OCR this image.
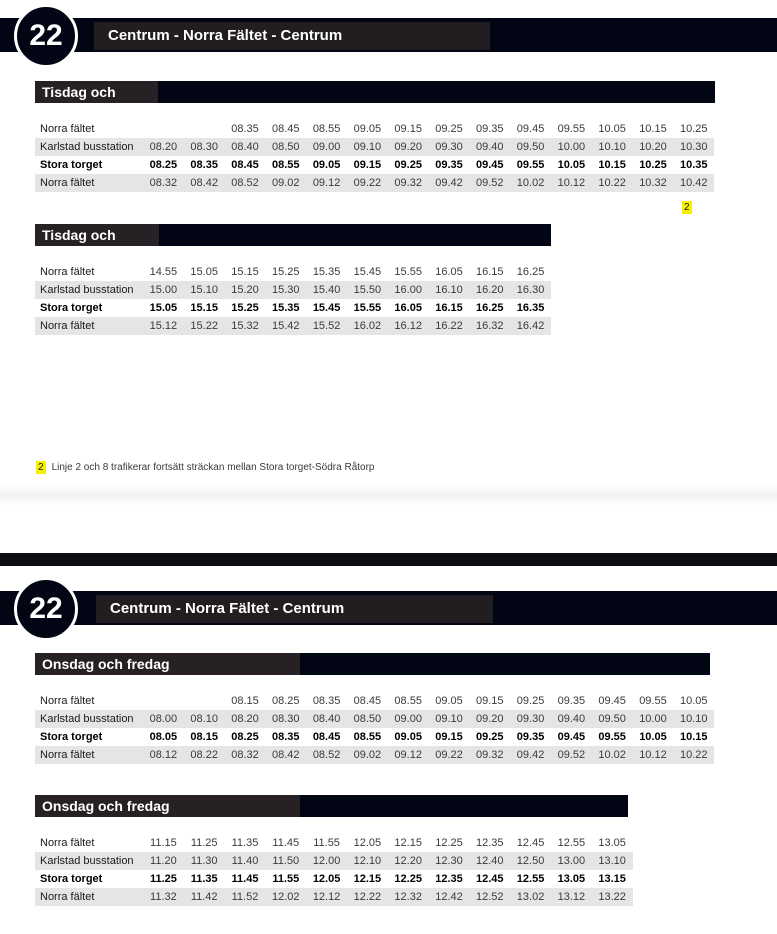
Centrum - Norra Fältet - Centrum
22
Tisdag och torsdag
Norra fältet			08.35	08.45	08.55	09.05	09.15	09.25	09.35	09.45	09.55	10.05	10.15	10.25
Karlstad busstation	08.20	08.30	08.40	08.50	09.00	09.10	09.20	09.30	09.40	09.50	10.00	10.10	10.20	10.30
Stora torget	08.25	08.35	08.45	08.55	09.05	09.15	09.25	09.35	09.45	09.55	10.05	10.15	10.25	10.35
Norra fältet	08.32	08.42	08.52	09.02	09.12	09.22	09.32	09.42	09.52	10.02	10.12	10.22	10.32	10.42
2
Tisdag och torsdag
Norra fältet	14.55	15.05	15.15	15.25	15.35	15.45	15.55	16.05	16.15	16.25
Karlstad busstation	15.00	15.10	15.20	15.30	15.40	15.50	16.00	16.10	16.20	16.30
Stora torget	15.05	15.15	15.25	15.35	15.45	15.55	16.05	16.15	16.25	16.35
Norra fältet	15.12	15.22	15.32	15.42	15.52	16.02	16.12	16.22	16.32	16.42
2 Linje 2 och 8 trafikerar fortsätt sträckan mellan Stora torget-Södra Råtorp
Centrum - Norra Fältet - Centrum
22
Onsdag och fredag
Norra fältet			08.15	08.25	08.35	08.45	08.55	09.05	09.15	09.25	09.35	09.45	09.55	10.05
Karlstad busstation	08.00	08.10	08.20	08.30	08.40	08.50	09.00	09.10	09.20	09.30	09.40	09.50	10.00	10.10
Stora torget	08.05	08.15	08.25	08.35	08.45	08.55	09.05	09.15	09.25	09.35	09.45	09.55	10.05	10.15
Norra fältet	08.12	08.22	08.32	08.42	08.52	09.02	09.12	09.22	09.32	09.42	09.52	10.02	10.12	10.22
Onsdag och fredag
Norra fältet	11.15	11.25	11.35	11.45	11.55	12.05	12.15	12.25	12.35	12.45	12.55	13.05
Karlstad busstation	11.20	11.30	11.40	11.50	12.00	12.10	12.20	12.30	12.40	12.50	13.00	13.10
Stora torget	11.25	11.35	11.45	11.55	12.05	12.15	12.25	12.35	12.45	12.55	13.05	13.15
Norra fältet	11.32	11.42	11.52	12.02	12.12	12.22	12.32	12.42	12.52	13.02	13.12	13.22
